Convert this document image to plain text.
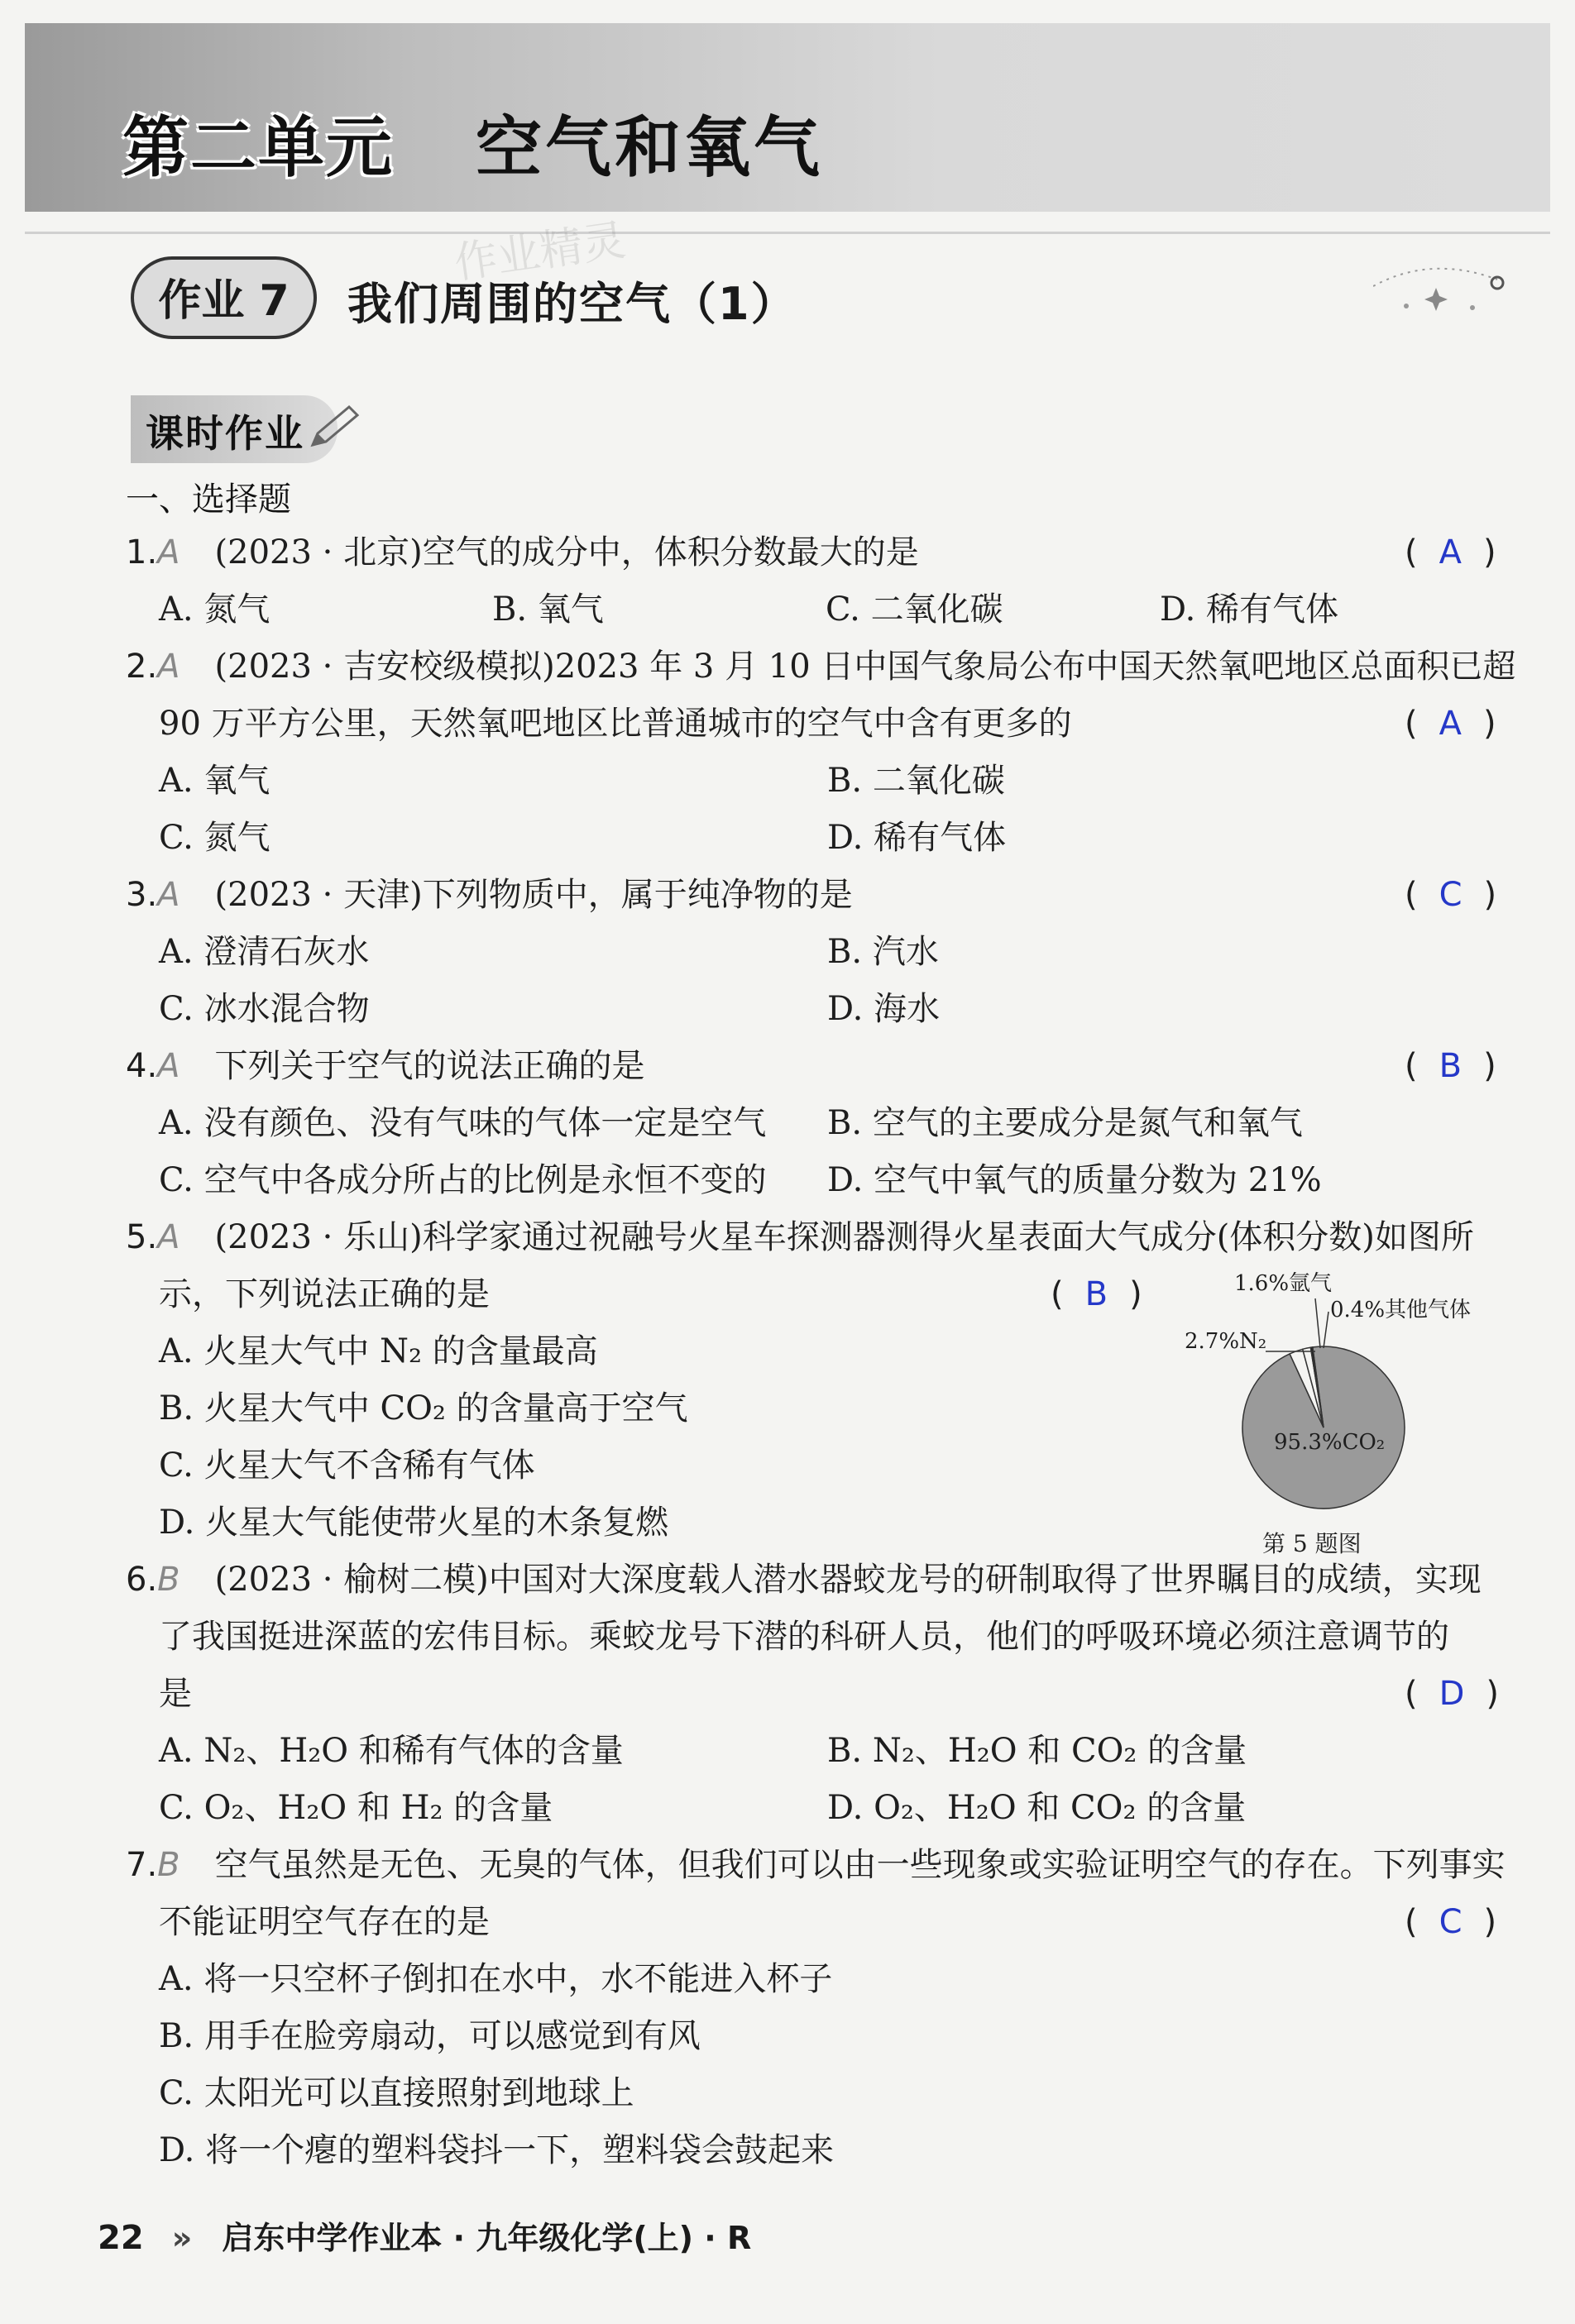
第二单元 空气和氧气
作业 7	我们周围的空气（1）
作业精灵
课时作业
一、选择题
1.A (2023 · 北京)空气的成分中，体积分数最大的是	( A )
A. 氮气	B. 氧气	C. 二氧化碳	D. 稀有气体
2.A (2023 · 吉安校级模拟)2023 年 3 月 10 日中国气象局公布中国天然氧吧地区总面积已超
90 万平方公里，天然氧吧地区比普通城市的空气中含有更多的	( A )
A. 氧气	B. 二氧化碳
C. 氮气	D. 稀有气体
3.A (2023 · 天津)下列物质中，属于纯净物的是	( C )
A. 澄清石灰水	B. 汽水
C. 冰水混合物	D. 海水
4.A 下列关于空气的说法正确的是	( B )
A. 没有颜色、没有气味的气体一定是空气 B. 空气的主要成分是氮气和氧气
C. 空气中各成分所占的比例是永恒不变的 D. 空气中氧气的质量分数为 21%
5.A (2023 · 乐山)科学家通过祝融号火星车探测器测得火星表面大气成分(体积分数)如图所
示，下列说法正确的是	( B )
A. 火星大气中 N₂ 的含量最高
B. 火星大气中 CO₂ 的含量高于空气
C. 火星大气不含稀有气体
D. 火星大气能使带火星的木条复燃
6.B (2023 · 榆树二模)中国对大深度载人潜水器蛟龙号的研制取得了世界瞩目的成绩，实现
了我国挺进深蓝的宏伟目标。乘蛟龙号下潜的科研人员，他们的呼吸环境必须注意调节的
是	( D )
A. N₂、H₂O 和稀有气体的含量	B. N₂、H₂O 和 CO₂ 的含量
C. O₂、H₂O 和 H₂ 的含量	D. O₂、H₂O 和 CO₂ 的含量
7.B 空气虽然是无色、无臭的气体，但我们可以由一些现象或实验证明空气的存在。下列事实
不能证明空气存在的是	( C )
A. 将一只空杯子倒扣在水中，水不能进入杯子
B. 用手在脸旁扇动，可以感觉到有风
C. 太阳光可以直接照射到地球上
D. 将一个瘪的塑料袋抖一下，塑料袋会鼓起来
95.3%CO₂
2.7%N₂
1.6%氩气
0.4%其他气体
第 5 题图
22 » 启东中学作业本 · 九年级化学(上) · R
